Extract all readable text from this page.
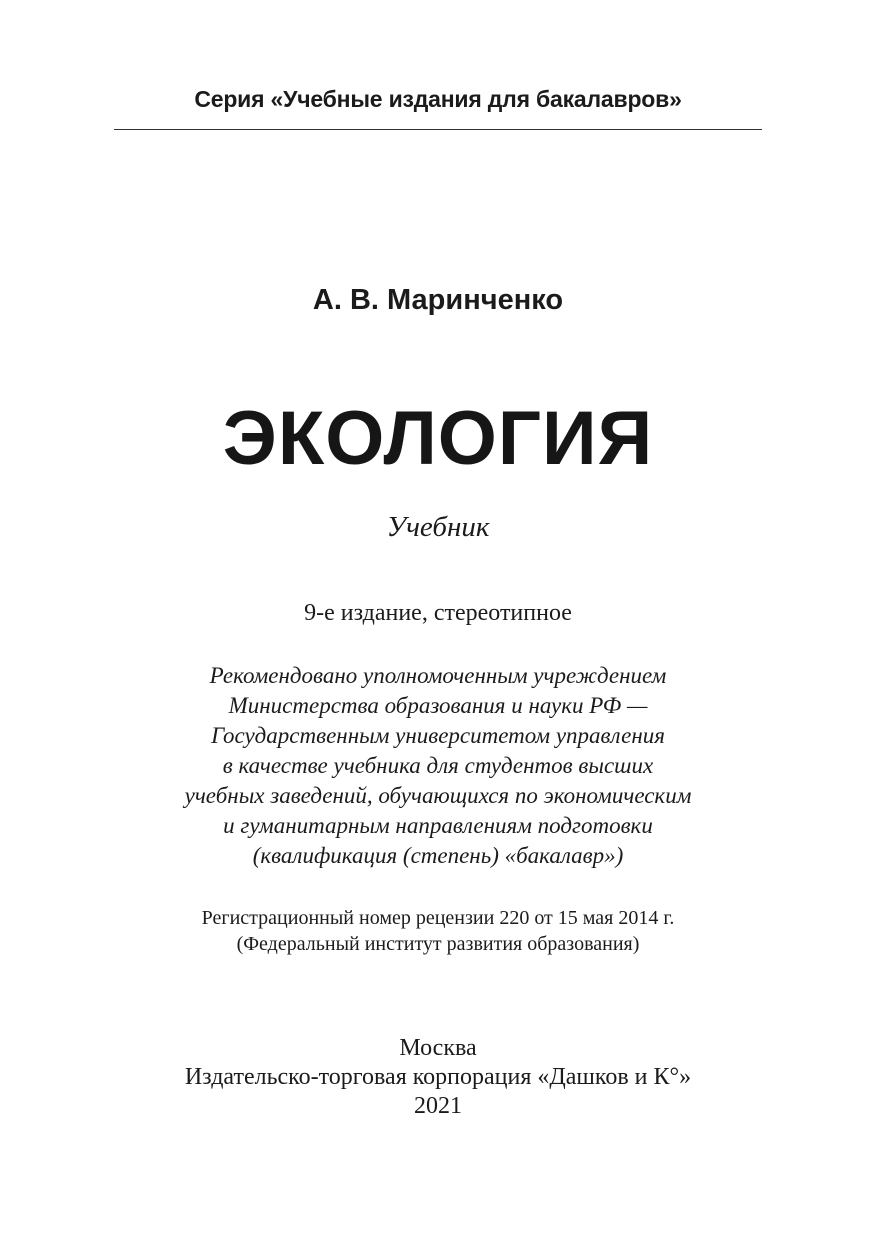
Серия «Учебные издания для бакалавров»
А. В. Маринченко
ЭКОЛОГИЯ
Учебник
9-е издание, стереотипное
Рекомендовано уполномоченным учреждением
Министерства образования и науки РФ —
Государственным университетом управления
в качестве учебника для студентов высших
учебных заведений, обучающихся по экономическим
и гуманитарным направлениям подготовки
(квалификация (степень) «бакалавр»)
Регистрационный номер рецензии 220 от 15 мая 2014 г.
(Федеральный институт развития образования)
Москва
Издательско-торговая корпорация «Дашков и К°»
2021
